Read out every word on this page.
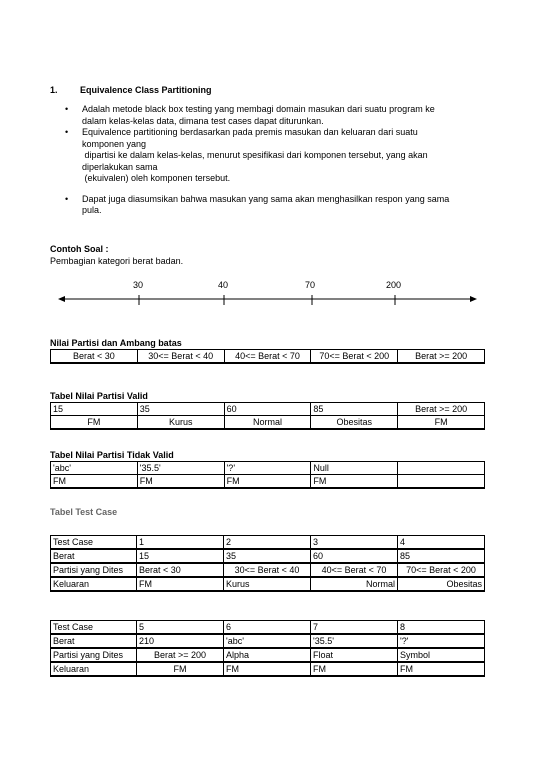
1. Equivalence Class Partitioning
• Adalah metode black box testing yang membagi domain masukan dari suatu program ke
dalam kelas-kelas data, dimana test cases dapat diturunkan.
• Equivalence partitioning berdasarkan pada premis masukan dan keluaran dari suatu
komponen yang
dipartisi ke dalam kelas-kelas, menurut spesifikasi dari komponen tersebut, yang akan
diperlakukan sama
(ekuivalen) oleh komponen tersebut.
• Dapat juga diasumsikan bahwa masukan yang sama akan menghasilkan respon yang sama
pula.
Contoh Soal :
Pembagian kategori berat badan.
30	40	70	200
Nilai Partisi dan Ambang batas
Berat < 30	30<= Berat < 40	40<= Berat < 70	70<= Berat < 200	Berat >= 200
Tabel Nilai Partisi Valid
15	35	60	85	Berat >= 200
FM	Kurus	Normal	Obesitas	FM
Tabel Nilai Partisi Tidak Valid
'abc'	'35.5'	'?'	Null	
FM	FM	FM	FM	
Tabel Test Case
Test Case	1	2	3	4
Berat	15	35	60	85
Partisi yang Dites	Berat < 30	30<= Berat < 40	40<= Berat < 70	70<= Berat < 200
Keluaran	FM	Kurus	Normal	Obesitas
Test Case	5	6	7	8
Berat	210	'abc'	'35.5'	'?'
Partisi yang Dites	Berat >= 200	Alpha	Float	Symbol
Keluaran	FM	FM	FM	FM
